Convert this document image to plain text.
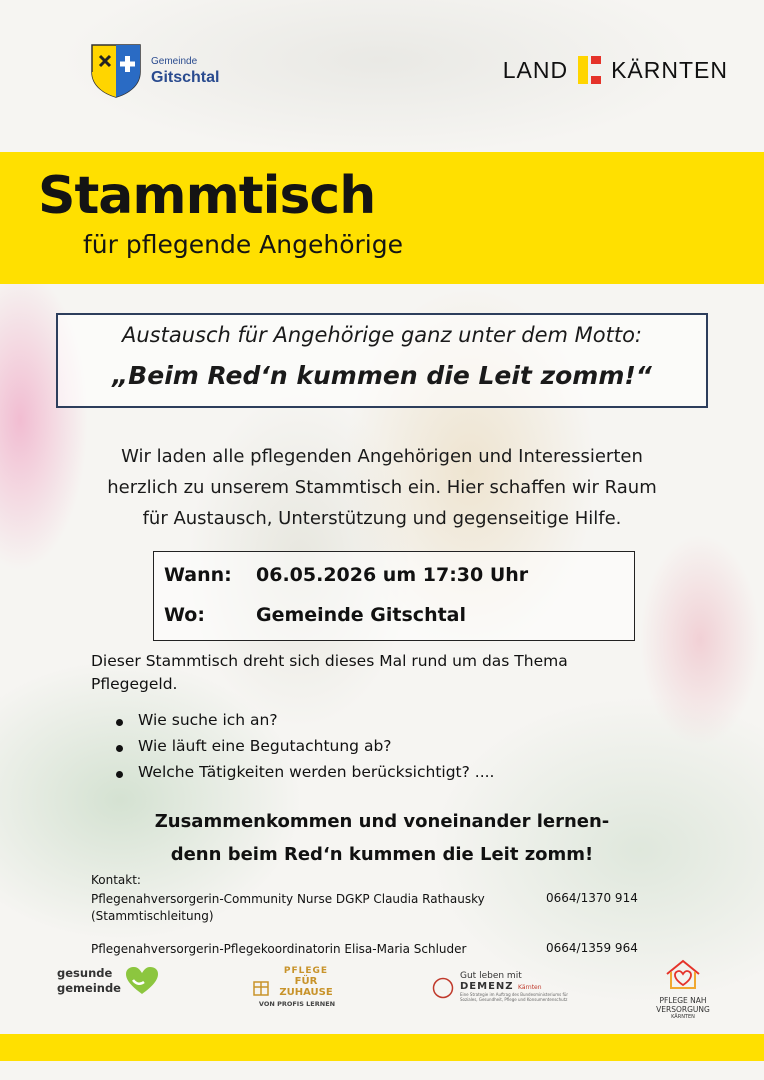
Gemeinde
Gitschtal	LAND KÄRNTEN
Stammtisch
für pflegende Angehörige
Austausch für Angehörige ganz unter dem Motto:
„Beim Red‘n kummen die Leit zomm!“
Wir laden alle pflegenden Angehörigen und Interessierten
herzlich zu unserem Stammtisch ein. Hier schaffen wir Raum
für Austausch, Unterstützung und gegenseitige Hilfe.
Wann: 06.05.2026 um 17:30 Uhr
Wo:	Gemeinde Gitschtal
Dieser Stammtisch dreht sich dieses Mal rund um das Thema
Pflegegeld.
Wie suche ich an?
Wie läuft eine Begutachtung ab?
Welche Tätigkeiten werden berücksichtigt? ....
Zusammenkommen und voneinander lernen-
denn beim Red‘n kummen die Leit zomm!
Kontakt:
Pflegenahversorgerin-Community Nurse DGKP Claudia Rathausky	0664/1370 914
(Stammtischleitung)
Pflegenahversorgerin-Pflegekoordinatorin Elisa-Maria Schluder	0664/1359 964
gesunde
gemeinde
PFLEGE
FÜR ZUHAUSE
VON PROFIS LERNEN
Gut leben mit
DEMENZ Kärnten
Eine Strategie im Auftrag des Bundesministeriums für Soziales, Gesundheit, Pflege und Konsumentenschutz	PFLEGE NAH VERSORGUNG
KÄRNTEN
